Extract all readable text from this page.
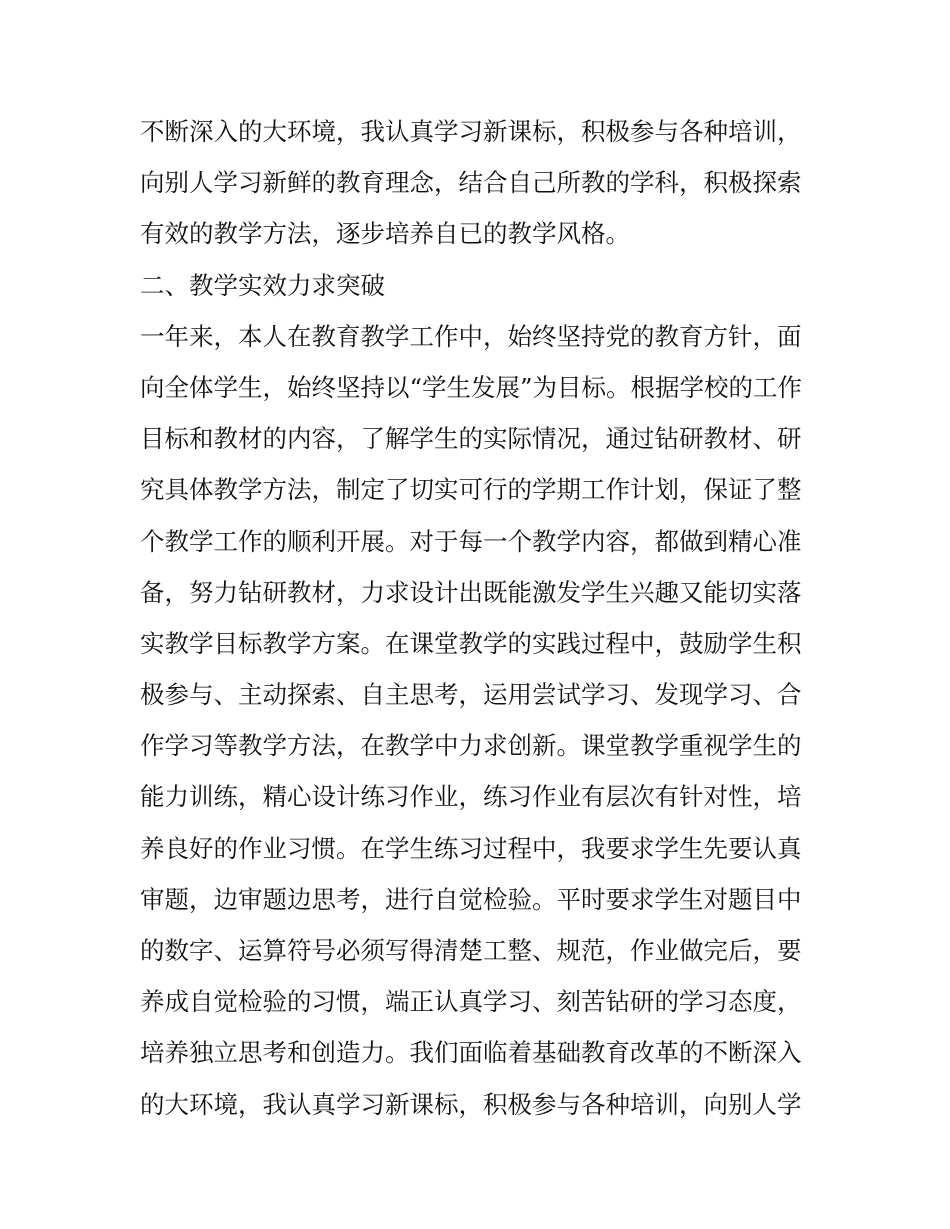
不断深入的大环境，我认真学习新课标，积极参与各种培训，
向别人学习新鲜的教育理念，结合自己所教的学科，积极探索
有效的教学方法，逐步培养自已的教学风格。
二、教学实效力求突破
一年来，本人在教育教学工作中，始终坚持党的教育方针，面
向全体学生，始终坚持以“学生发展”为目标。根据学校的工作
目标和教材的内容，了解学生的实际情况，通过钻研教材、研
究具体教学方法，制定了切实可行的学期工作计划，保证了整
个教学工作的顺利开展。对于每一个教学内容，都做到精心准
备，努力钻研教材，力求设计出既能激发学生兴趣又能切实落
实教学目标教学方案。在课堂教学的实践过程中，鼓励学生积
极参与、主动探索、自主思考，运用尝试学习、发现学习、合
作学习等教学方法，在教学中力求创新。课堂教学重视学生的
能力训练，精心设计练习作业，练习作业有层次有针对性，培
养良好的作业习惯。在学生练习过程中，我要求学生先要认真
审题，边审题边思考，进行自觉检验。平时要求学生对题目中
的数字、运算符号必须写得清楚工整、规范，作业做完后，要
养成自觉检验的习惯，端正认真学习、刻苦钻研的学习态度，
培养独立思考和创造力。我们面临着基础教育改革的不断深入
的大环境，我认真学习新课标，积极参与各种培训，向别人学
